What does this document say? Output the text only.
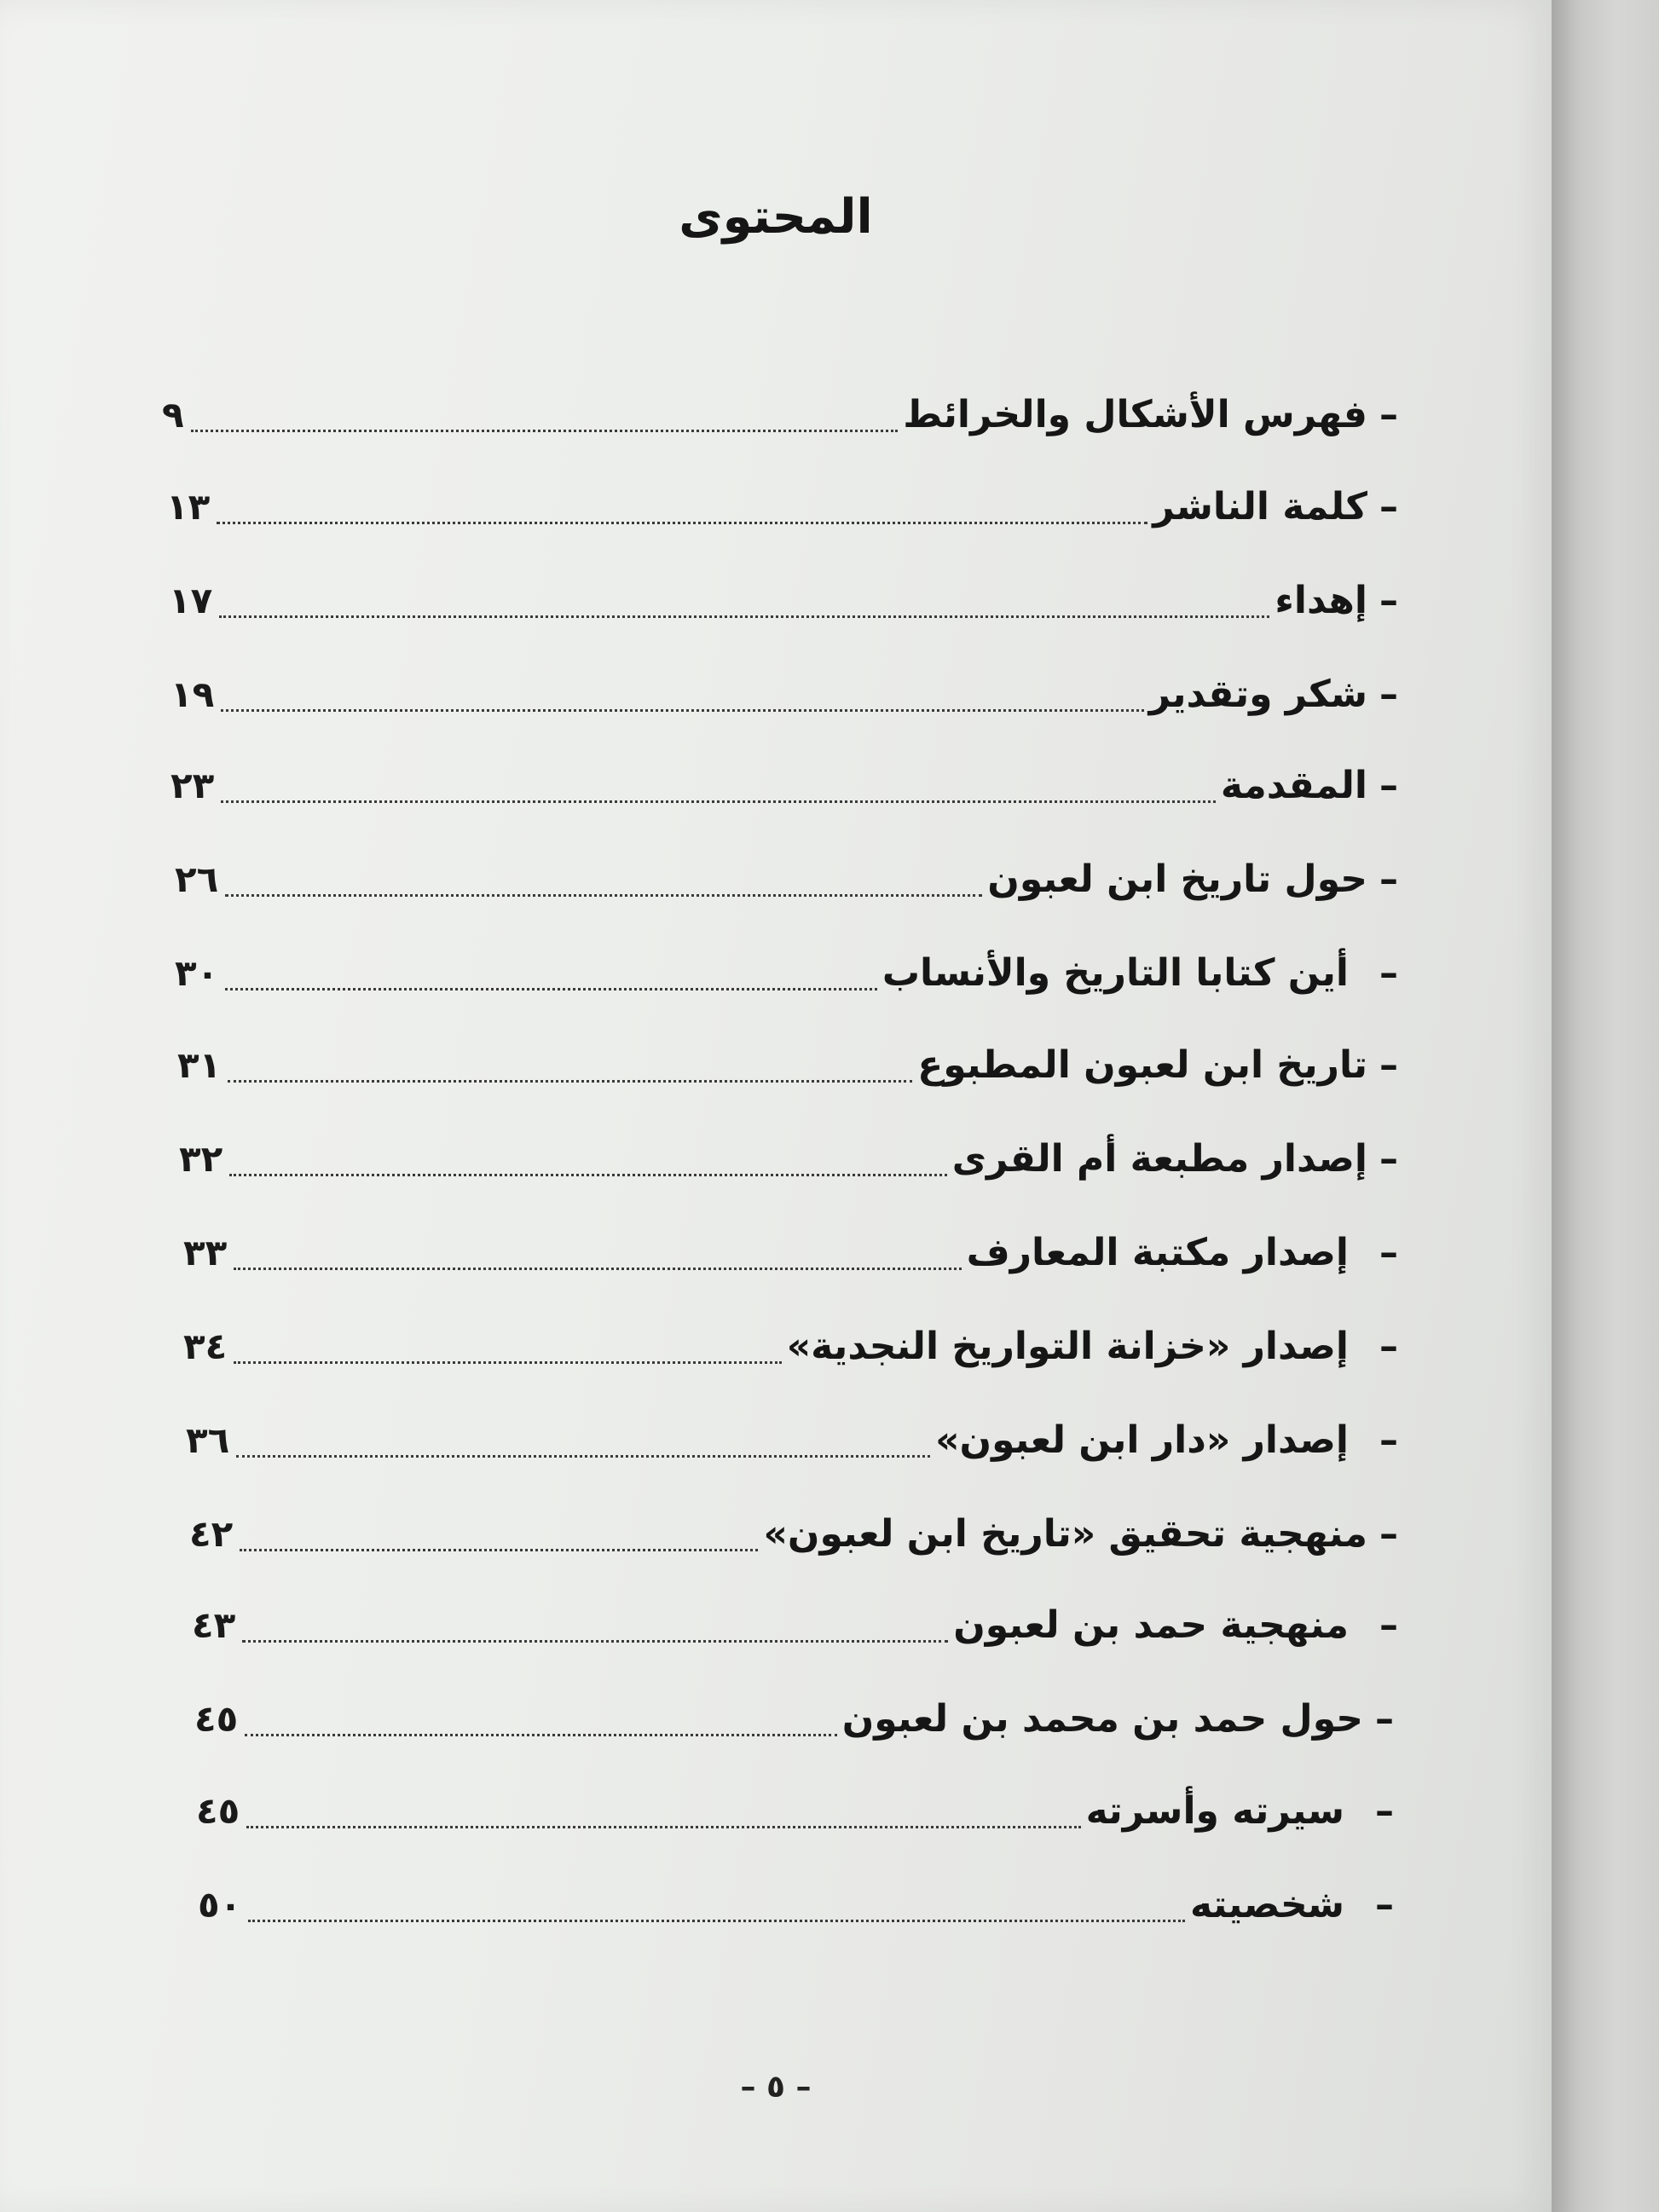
المحتوى
٩	فهرس الأشكال والخرائط –
١٣	كلمة الناشر –
١٧	إهداء –
١٩	شكر وتقدير –
٢٣	المقدمة –
٢٦	حول تاريخ ابن لعبون –
٣٠	أين كتابا التاريخ والأنساب –
٣١	تاريخ ابن لعبون المطبوع –
٣٢	إصدار مطبعة أم القرى –
٣٣	إصدار مكتبة المعارف –
٣٤	إصدار «خزانة التواريخ النجدية» –
٣٦	إصدار «دار ابن لعبون» –
٤٢	منهجية تحقيق «تاريخ ابن لعبون» –
٤٣	منهجية حمد بن لعبون –
٤٥	حول حمد بن محمد بن لعبون –
٤٥	سيرته وأسرته –
٥٠	شخصيته –
– ٥ –
